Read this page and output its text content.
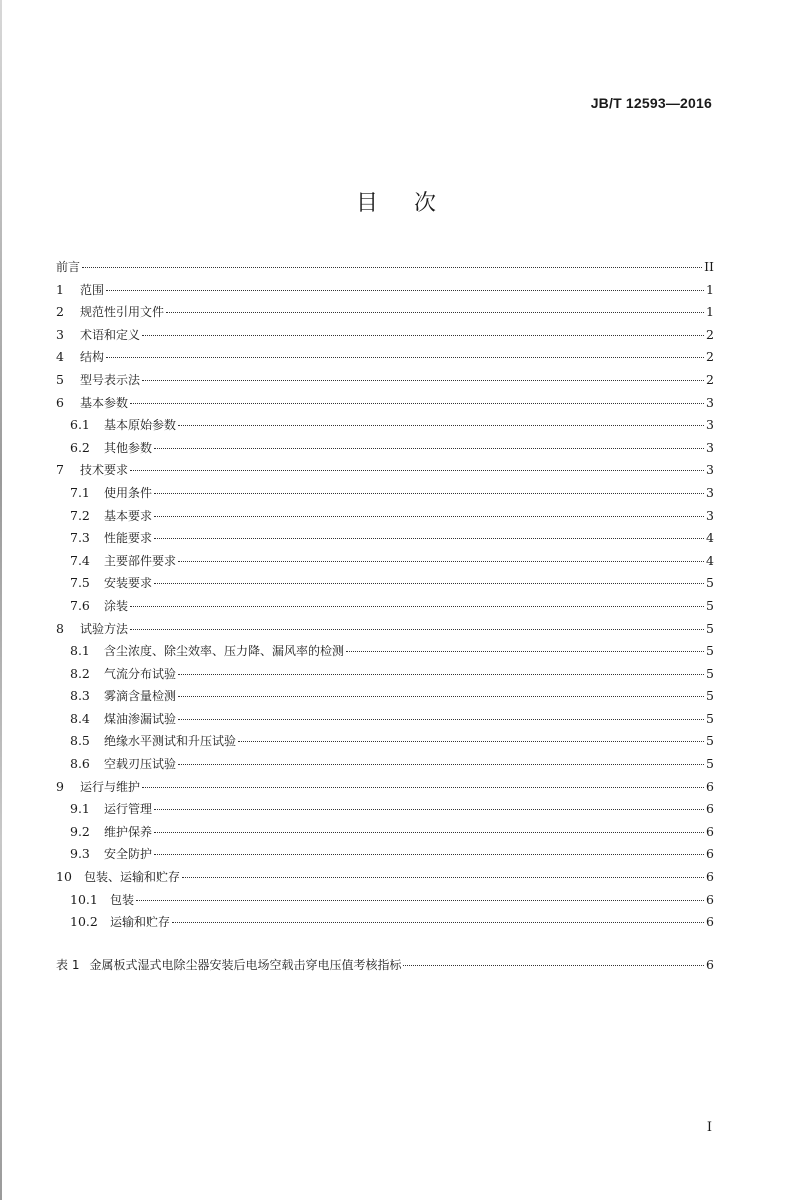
JB/T 12593—2016
目次
前言	II
1	范围	1
2	规范性引用文件	1
3	术语和定义	2
4	结构	2
5	型号表示法	2
6	基本参数	3
6.1	基本原始参数	3
6.2	其他参数	3
7	技术要求	3
7.1	使用条件	3
7.2	基本要求	3
7.3	性能要求	4
7.4	主要部件要求	4
7.5	安装要求	5
7.6	涂装	5
8	试验方法	5
8.1	含尘浓度、除尘效率、压力降、漏风率的检测	5
8.2	气流分布试验	5
8.3	雾滴含量检测	5
8.4	煤油渗漏试验	5
8.5	绝缘水平测试和升压试验	5
8.6	空载刃压试验	5
9	运行与维护	6
9.1	运行管理	6
9.2	维护保养	6
9.3	安全防护	6
10	包装、运输和贮存	6
10.1	包装	6
10.2	运输和贮存	6
表 1 金属板式湿式电除尘器安装后电场空载击穿电压值考核指标	6
I
